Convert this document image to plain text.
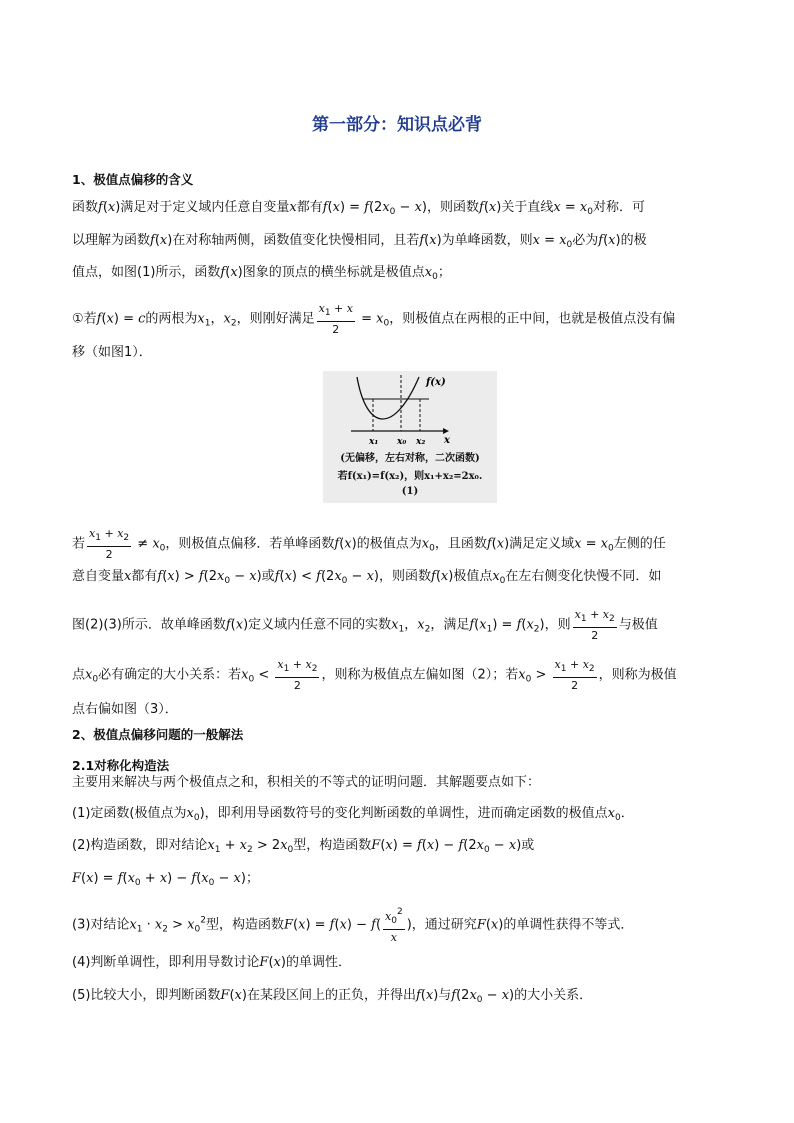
第一部分：知识点必背
1、极值点偏移的含义
函数f(x)满足对于定义域内任意自变量x都有$f(x) = f(2x_0 - x)$，则函数f(x)关于直线$x = x_0$对称．可
以理解为函数f(x)在对称轴两侧，函数值变化快慢相同，且若f(x)为单峰函数，则$x = x_0$必为f(x)的极
值点，如图(1)所示，函数f(x)图象的顶点的横坐标就是极值点$x_0$；
①若f(x) = c的两根为$x_1$，$x_2$，则刚好满足 $\frac{x_1 + x}{2} = x_0$，则极值点在两根的正中间，也就是极值点没有偏
移（如图1）．
f(x)
x₁ x₀ x₂ x
(无偏移，左右对称，二次函数)
若f(x₁)=f(x₂)，则x₁+x₂=2x₀.
(1)
若 $\frac{x_1 + x_2}{2} \ne x_0$，则极值点偏移．若单峰函数f(x)的极值点为$x_0$，且函数f(x)满足定义域$x = x_0$左侧的任
意自变量x都有$f(x) > f(2x_0 - x)$或$f(x) < f(2x_0 - x)$，则函数f(x)极值点$x_0$在左右侧变化快慢不同．如
图(2)(3)所示．故单峰函数f(x)定义域内任意不同的实数$x_1$，$x_2$，满足$f(x_1) = f(x_2)$，则 $\frac{x_1 + x_2}{2}$ 与极值
点$x_0$必有确定的大小关系：若$x_0 < \frac{x_1 + x_2}{2}$ ，则称为极值点左偏如图（2）；若$x_0 > \frac{x_1 + x_2}{2}$ ，则称为极值
点右偏如图（3）．
2、极值点偏移问题的一般解法
2.1对称化构造法
主要用来解决与两个极值点之和，积相关的不等式的证明问题．其解题要点如下：
(1)定函数(极值点为$x_0$)，即利用导函数符号的变化判断函数的单调性，进而确定函数的极值点$x_0$．
(2)构造函数，即对结论$x_1 + x_2 > 2x_0$型，构造函数$F(x) = f(x) - f(2x_0 - x)$或
$F(x) = f(x_0 + x) - f(x_0 - x)$；
(3)对结论$x_1 \cdot x_2 > x_0^2$型，构造函数$F(x) = f(x) - f( \frac{x_0^2}{x}$ )，通过研究F(x)的单调性获得不等式．
(4)判断单调性，即利用导数讨论F(x)的单调性．
(5)比较大小，即判断函数F(x)在某段区间上的正负，并得出f(x)与$f(2x_0 - x)$的大小关系．
